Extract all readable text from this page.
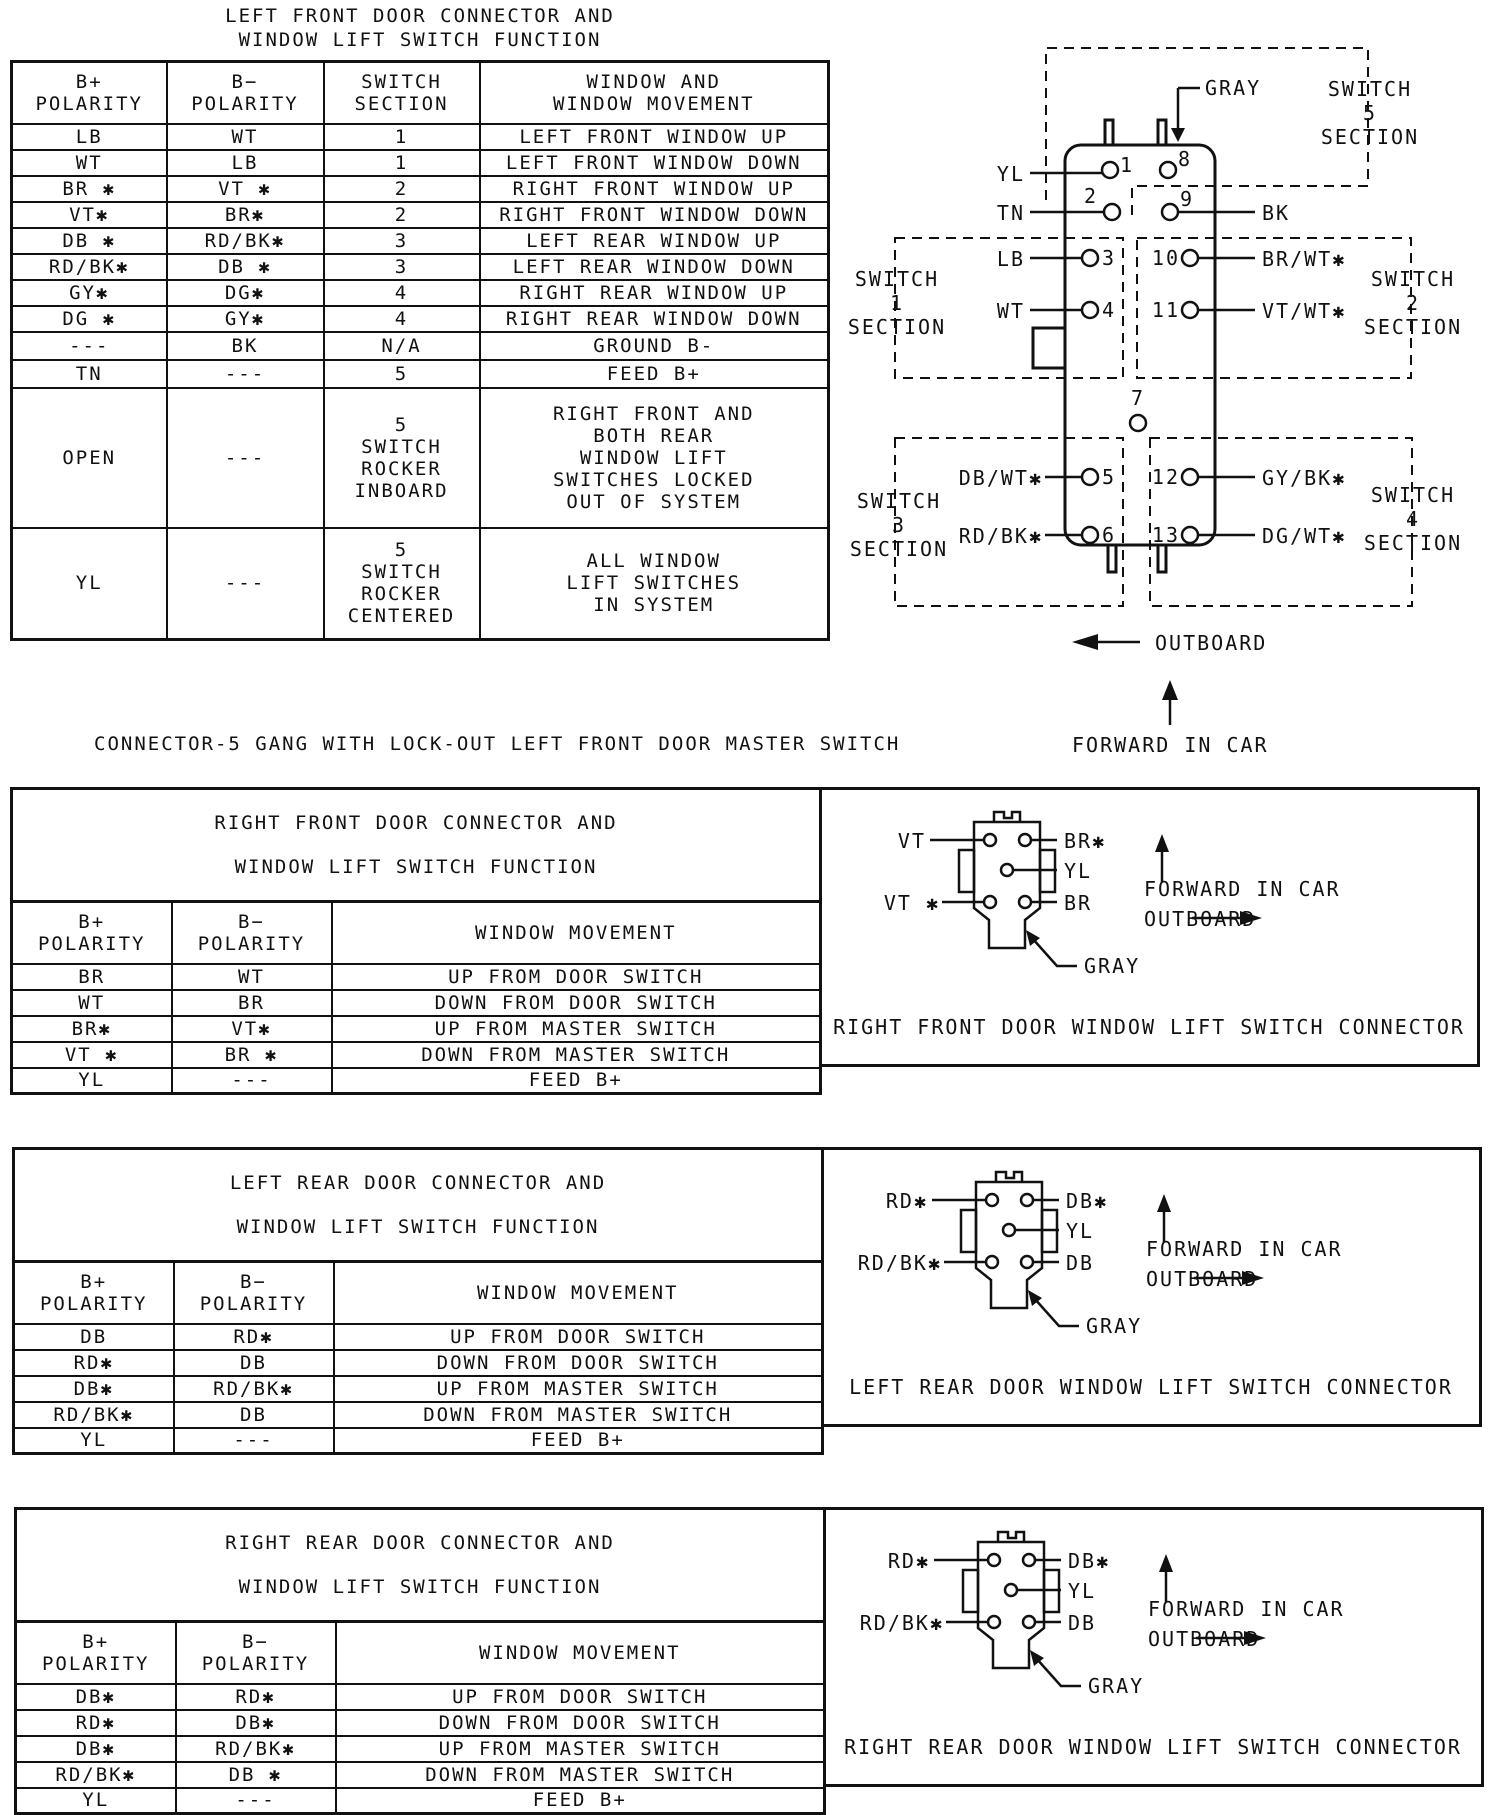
LEFT FRONT DOOR CONNECTOR AND
WINDOW LIFT SWITCH FUNCTION
B+
POLARITY	B−
POLARITY	SWITCH
SECTION	WINDOW AND
WINDOW MOVEMENT
LB	WT	1	LEFT FRONT WINDOW UP
WT	LB	1	LEFT FRONT WINDOW DOWN
BR ✱	VT ✱	2	RIGHT FRONT WINDOW UP
VT✱	BR✱	2	RIGHT FRONT WINDOW DOWN
DB ✱	RD/BK✱	3	LEFT REAR WINDOW UP
RD/BK✱	DB ✱	3	LEFT REAR WINDOW DOWN
GY✱	DG✱	4	RIGHT REAR WINDOW UP
DG ✱	GY✱	4	RIGHT REAR WINDOW DOWN
---	BK	N/A	GROUND B-
TN	---	5	FEED B+
OPEN	---	5
SWITCH
ROCKER
INBOARD	RIGHT FRONT AND
BOTH REAR
WINDOW LIFT
SWITCHES LOCKED
OUT OF SYSTEM
YL	---	5
SWITCH
ROCKER
CENTERED	ALL WINDOW
LIFT SWITCHES
IN SYSTEM
CONNECTOR-5 GANG WITH LOCK-OUT LEFT FRONT DOOR MASTER SWITCH
GRAY	SWITCH 5 SECTION
SWITCH 1 SECTION
SWITCH 2 SECTION
SWITCH 3 SECTION
SWITCH 4 SECTION
YL
TN
LB
WT
DB/WT✱
RD/BK✱
BK
BR/WT✱
VT/WT✱
GY/BK✱
DG/WT✱
1
2
3
4
5
6
7
8
9
10
11
12
13
OUTBOARD
FORWARD IN CAR

RIGHT FRONT DOOR CONNECTOR AND

WINDOW LIFT SWITCH FUNCTION		

B+
POLARITY	B−
POLARITY	WINDOW MOVEMENT
BR	WT	UP FROM DOOR SWITCH
WT	BR	DOWN FROM DOOR SWITCH
BR✱	VT✱	UP FROM MASTER SWITCH
VT ✱	BR ✱	DOWN FROM MASTER SWITCH
YL	---	FEED B+
VT
VT ✱
BR✱
YL
BR
GRAY
FORWARD IN CAR
OUTBOARD
RIGHT FRONT DOOR WINDOW LIFT SWITCH CONNECTOR

LEFT REAR DOOR CONNECTOR AND

WINDOW LIFT SWITCH FUNCTION		

B+
POLARITY	B−
POLARITY	WINDOW MOVEMENT
DB	RD✱	UP FROM DOOR SWITCH
RD✱	DB	DOWN FROM DOOR SWITCH
DB✱	RD/BK✱	UP FROM MASTER SWITCH
RD/BK✱	DB	DOWN FROM MASTER SWITCH
YL	---	FEED B+
RD✱
RD/BK✱
DB✱
YL
DB
GRAY
FORWARD IN CAR
OUTBOARD
LEFT REAR DOOR WINDOW LIFT SWITCH CONNECTOR

RIGHT REAR DOOR CONNECTOR AND

WINDOW LIFT SWITCH FUNCTION		

B+
POLARITY	B−
POLARITY	WINDOW MOVEMENT
DB✱	RD✱	UP FROM DOOR SWITCH
RD✱	DB✱	DOWN FROM DOOR SWITCH
DB✱	RD/BK✱	UP FROM MASTER SWITCH
RD/BK✱	DB ✱	DOWN FROM MASTER SWITCH
YL	---	FEED B+
RD✱
RD/BK✱
DB✱
YL
DB
GRAY
FORWARD IN CAR
OUTBOARD
RIGHT REAR DOOR WINDOW LIFT SWITCH CONNECTOR
